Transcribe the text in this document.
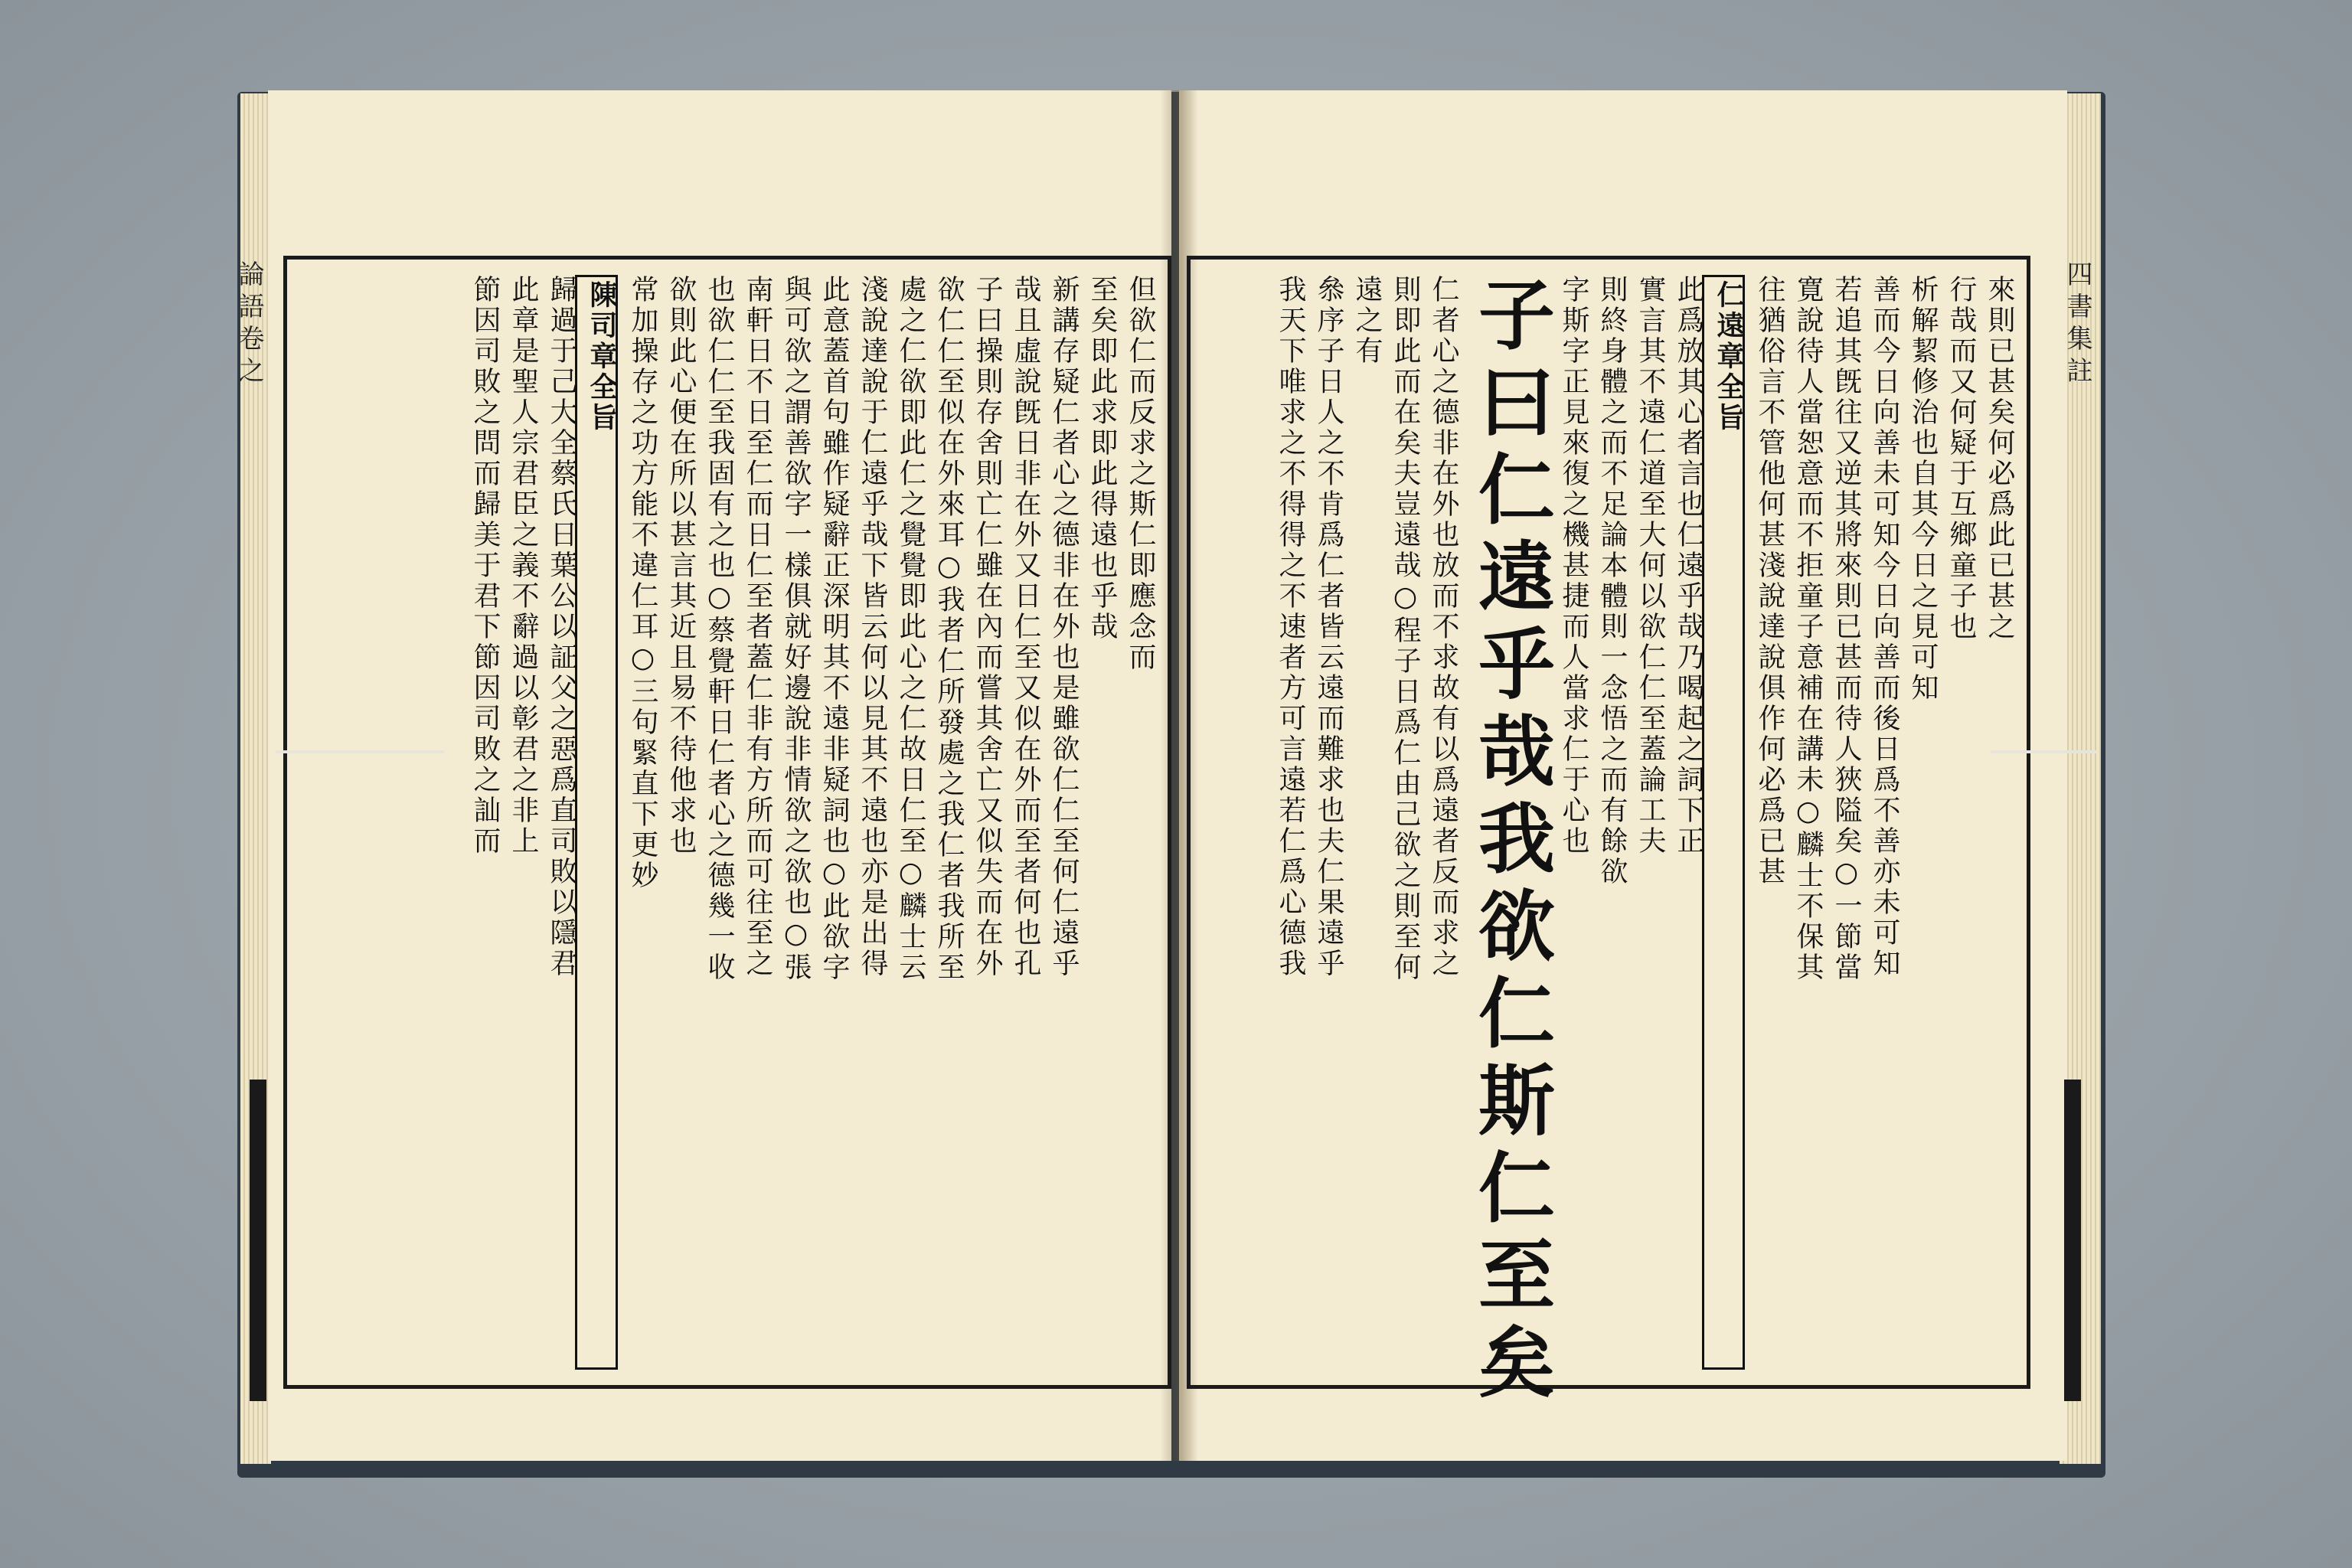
但欲仁而反求之斯仁即應念而
至矣即此求即此得遠也乎哉
新講存疑仁者心之德非在外也是雖欲仁仁至何仁遠乎
哉且虛說旣日非在外又日仁至又似在外而至者何也孔
子曰操則存舍則亡仁雖在內而嘗其舍亡又似失而在外
欲仁仁至似在外來耳○我者仁所發處之我仁者我所至
處之仁欲即此仁之覺覺即此心之仁故日仁至○麟士云
淺說達說于仁遠乎哉下皆云何以見其不遠也亦是出得
此意蓋首句雖作疑辭正深明其不遠非疑詞也○此欲字
與可欲之謂善欲字一樣俱就好邊說非情欲之欲也○張
南軒日不日至仁而日仁至者蓋仁非有方所而可往至之
也欲仁仁至我固有之也○蔡覺軒日仁者心之德幾一收
欲則此心便在所以甚言其近且易不待他求也
常加操存之功方能不違仁耳○三句緊直下更妙
陳司章全旨
歸過于己大全蔡氏日葉公以証父之惡爲直司敗以隱君
此章是聖人宗君臣之義不辭過以彰君之非上
節因司敗之問而歸美于君下節因司敗之訕而	來則已甚矣何必爲此已甚之
行哉而又何疑于互鄉童子也
析解絜修治也自其今日之見可知
善而今日向善未可知今日向善而後日爲不善亦未可知
若追其旣往又逆其將來則已甚而待人狹隘矣○一節當
寛說待人當恕意而不拒童子意補在講未○麟士不保其
往猶俗言不管他何甚淺說達說俱作何必爲已甚
仁遠章全旨
此爲放其心者言也仁遠乎哉乃喝起之詞下正
實言其不遠仁道至大何以欲仁仁至蓋論工夫
則終身體之而不足論本體則一念悟之而有餘欲
字斯字正見來復之機甚捷而人當求仁于心也
子曰仁遠乎哉我欲仁斯仁至矣
仁者心之德非在外也放而不求故有以爲遠者反而求之
則即此而在矣夫豈遠哉○程子日爲仁由己欲之則至何
遠之有
叅序子日人之不肯爲仁者皆云遠而難求也夫仁果遠乎
我天下唯求之不得得之不速者方可言遠若仁爲心德我
論語卷之	四書集註
